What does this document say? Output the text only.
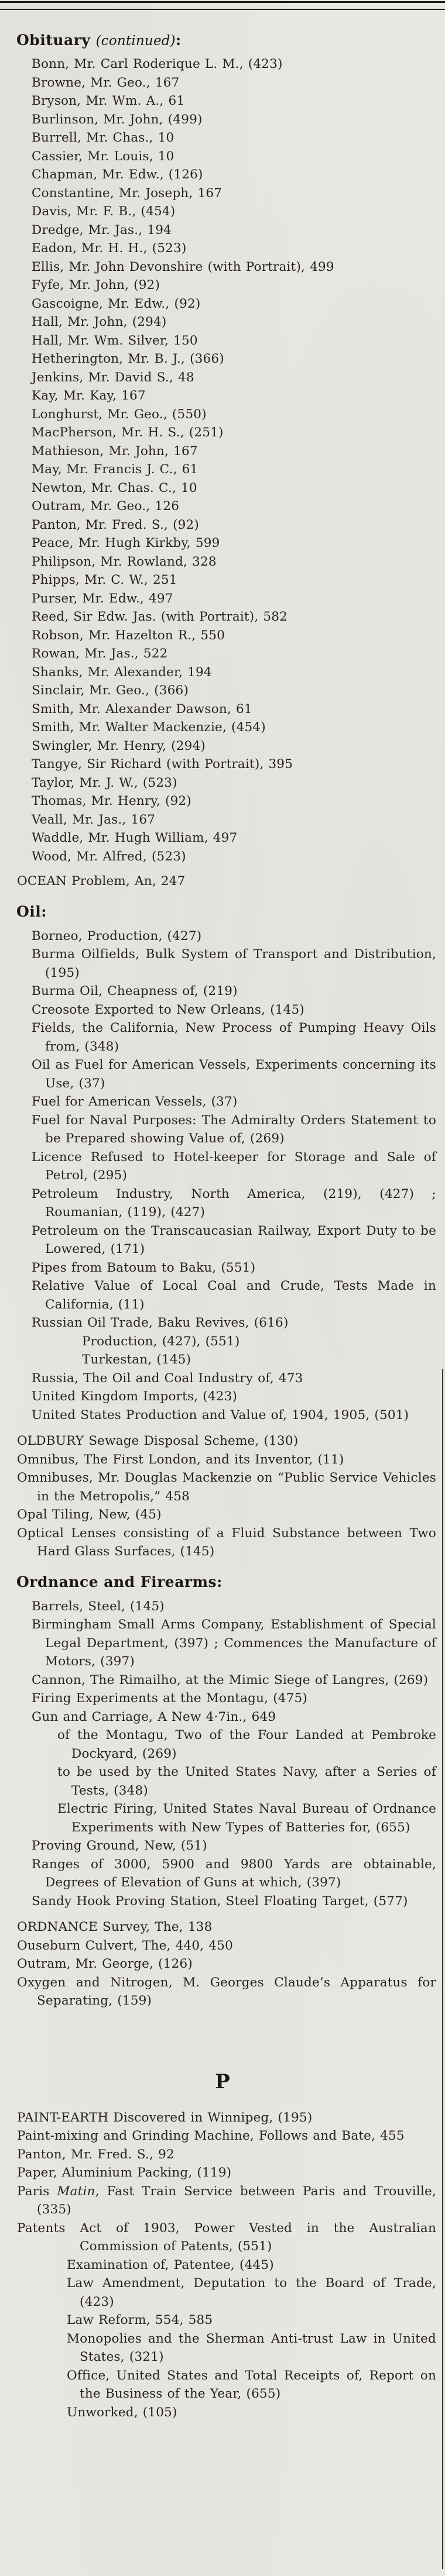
Obituary (continued):
Bonn, Mr. Carl Roderique L. M., (423)
Browne, Mr. Geo., 167
Bryson, Mr. Wm. A., 61
Burlinson, Mr. John, (499)
Burrell, Mr. Chas., 10
Cassier, Mr. Louis, 10
Chapman, Mr. Edw., (126)
Constantine, Mr. Joseph, 167
Davis, Mr. F. B., (454)
Dredge, Mr. Jas., 194
Eadon, Mr. H. H., (523)
Ellis, Mr. John Devonshire (with Portrait), 499
Fyfe, Mr. John, (92)
Gascoigne, Mr. Edw., (92)
Hall, Mr. John, (294)
Hall, Mr. Wm. Silver, 150
Hetherington, Mr. B. J., (366)
Jenkins, Mr. David S., 48
Kay, Mr. Kay, 167
Longhurst, Mr. Geo., (550)
MacPherson, Mr. H. S., (251)
Mathieson, Mr. John, 167
May, Mr. Francis J. C., 61
Newton, Mr. Chas. C., 10
Outram, Mr. Geo., 126
Panton, Mr. Fred. S., (92)
Peace, Mr. Hugh Kirkby, 599
Philipson, Mr. Rowland, 328
Phipps, Mr. C. W., 251
Purser, Mr. Edw., 497
Reed, Sir Edw. Jas. (with Portrait), 582
Robson, Mr. Hazelton R., 550
Rowan, Mr. Jas., 522
Shanks, Mr. Alexander, 194
Sinclair, Mr. Geo., (366)
Smith, Mr. Alexander Dawson, 61
Smith, Mr. Walter Mackenzie, (454)
Swingler, Mr. Henry, (294)
Tangye, Sir Richard (with Portrait), 395
Taylor, Mr. J. W., (523)
Thomas, Mr. Henry, (92)
Veall, Mr. Jas., 167
Waddle, Mr. Hugh William, 497
Wood, Mr. Alfred, (523)
OCEAN Problem, An, 247
Oil:
Borneo, Production, (427)
Burma Oilfields, Bulk System of Transport and Distribution, (195)
Burma Oil, Cheapness of, (219)
Creosote Exported to New Orleans, (145)
Fields, the California, New Process of Pumping Heavy Oils from, (348)
Oil as Fuel for American Vessels, Experiments concerning its Use, (37)
Fuel for American Vessels, (37)
Fuel for Naval Purposes: The Admiralty Orders Statement to be Prepared showing Value of, (269)
Licence Refused to Hotel-keeper for Storage and Sale of Petrol, (295)
Petroleum Industry, North America, (219), (427) ; Roumanian, (119), (427)
Petroleum on the Transcaucasian Railway, Export Duty to be Lowered, (171)
Pipes from Batoum to Baku, (551)
Relative Value of Local Coal and Crude, Tests Made in California, (11)
Russian Oil Trade, Baku Revives, (616)
Production, (427), (551)
Turkestan, (145)
Russia, The Oil and Coal Industry of, 473
United Kingdom Imports, (423)
United States Production and Value of, 1904, 1905, (501)
OLDBURY Sewage Disposal Scheme, (130)
Omnibus, The First London, and its Inventor, (11)
Omnibuses, Mr. Douglas Mackenzie on “Public Service Vehicles in the Metropolis,” 458
Opal Tiling, New, (45)
Optical Lenses consisting of a Fluid Substance between Two Hard Glass Surfaces, (145)
Ordnance and Firearms:
Barrels, Steel, (145)
Birmingham Small Arms Company, Establishment of Special Legal Department, (397) ; Commences the Manufacture of Motors, (397)
Cannon, The Rimailho, at the Mimic Siege of Langres, (269)
Firing Experiments at the Montagu, (475)
Gun and Carriage, A New 4·7in., 649
of the Montagu, Two of the Four Landed at Pembroke Dockyard, (269)
to be used by the United States Navy, after a Series of Tests, (348)
Electric Firing, United States Naval Bureau of Ordnance Experiments with New Types of Batteries for, (655)
Proving Ground, New, (51)
Ranges of 3000, 5900 and 9800 Yards are obtainable, Degrees of Elevation of Guns at which, (397)
Sandy Hook Proving Station, Steel Floating Target, (577)
ORDNANCE Survey, The, 138
Ouseburn Culvert, The, 440, 450
Outram, Mr. George, (126)
Oxygen and Nitrogen, M. Georges Claude’s Apparatus for Separating, (159)
P
PAINT-EARTH Discovered in Winnipeg, (195)
Paint-mixing and Grinding Machine, Follows and Bate, 455
Panton, Mr. Fred. S., 92
Paper, Aluminium Packing, (119)
Paris Matin, Fast Train Service between Paris and Trouville, (335)
Patents Act of 1903, Power Vested in the Australian Commission of Patents, (551)
Examination of, Patentee, (445)
Law Amendment, Deputation to the Board of Trade, (423)
Law Reform, 554, 585
Monopolies and the Sherman Anti-trust Law in United States, (321)
Office, United States and Total Receipts of, Report on the Business of the Year, (655)
Unworked, (105)
